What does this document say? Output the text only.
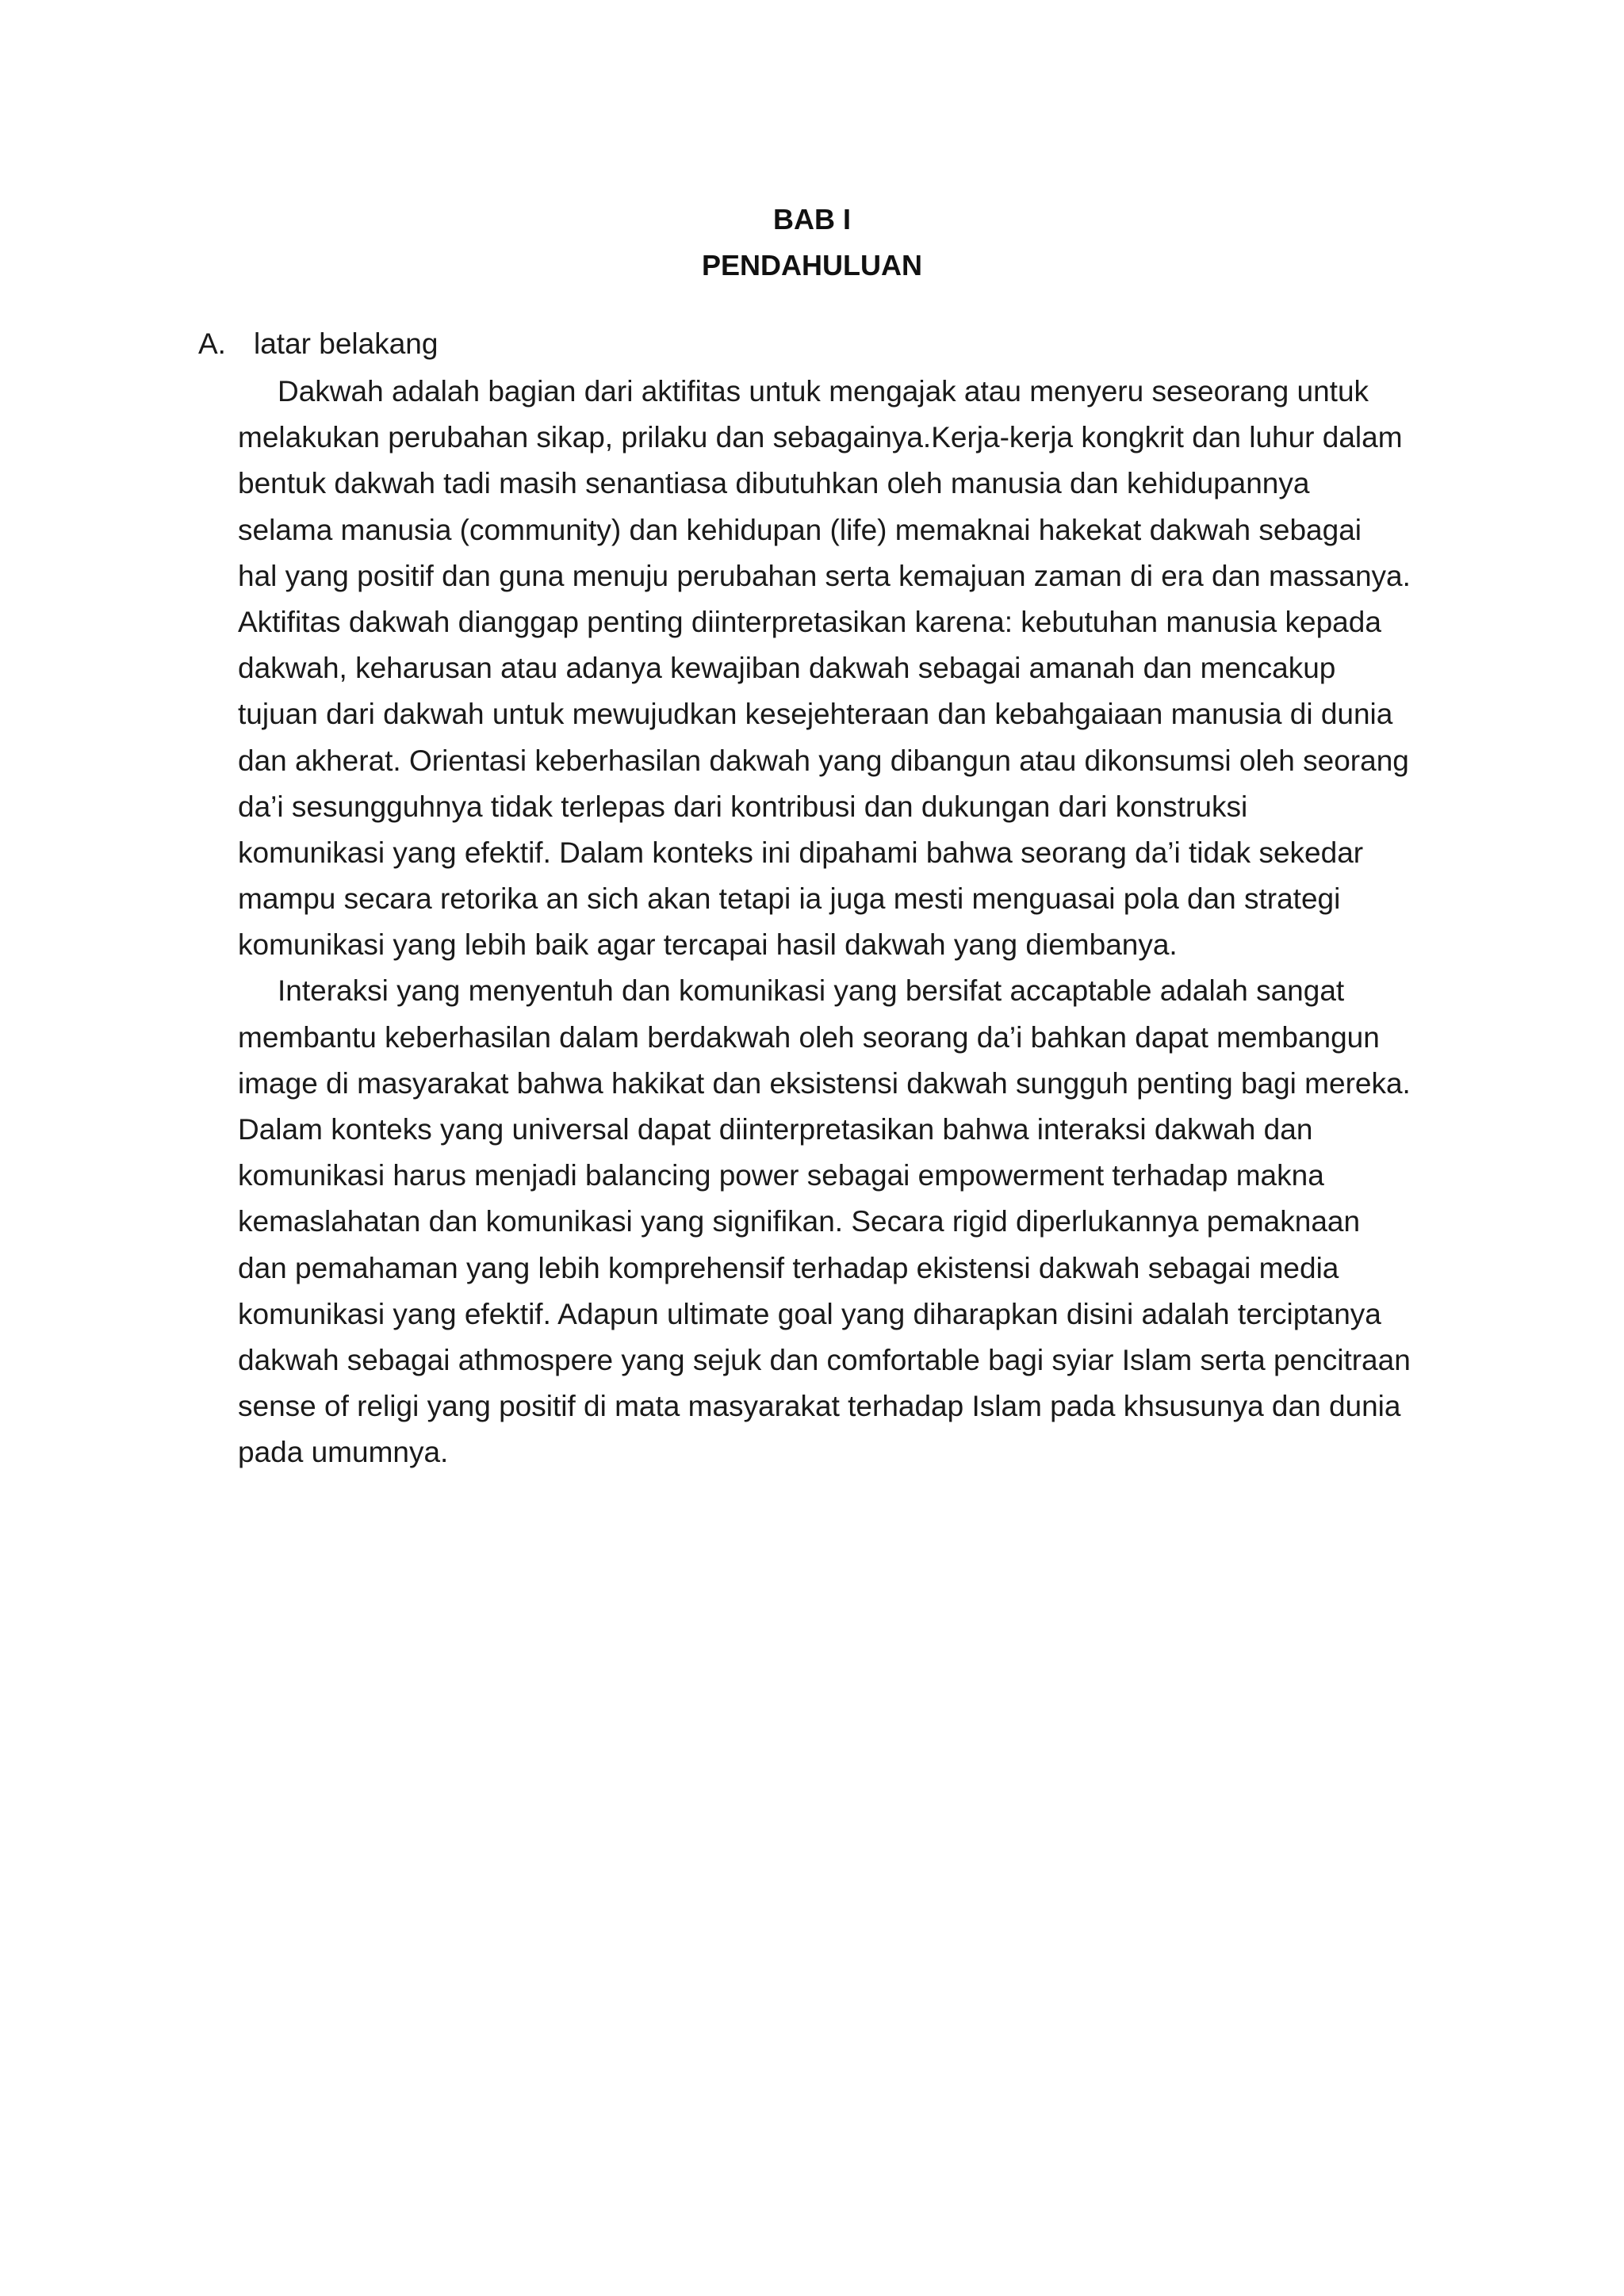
BAB I
PENDAHULUAN
A. latar belakang
Dakwah adalah bagian dari aktifitas untuk mengajak atau menyeru seseorang untuk
melakukan perubahan sikap, prilaku dan sebagainya.Kerja-kerja kongkrit dan luhur dalam
bentuk dakwah tadi masih senantiasa dibutuhkan oleh manusia dan kehidupannya
selama manusia (community) dan kehidupan (life) memaknai hakekat dakwah sebagai
hal yang positif dan guna menuju perubahan serta kemajuan zaman di era dan massanya.
Aktifitas dakwah dianggap penting diinterpretasikan karena: kebutuhan manusia kepada
dakwah, keharusan atau adanya kewajiban dakwah sebagai amanah dan mencakup
tujuan dari dakwah untuk mewujudkan kesejehteraan dan kebahgaiaan manusia di dunia
dan akherat. Orientasi keberhasilan dakwah yang dibangun atau dikonsumsi oleh seorang
da’i sesungguhnya tidak terlepas dari kontribusi dan dukungan dari konstruksi
komunikasi yang efektif. Dalam konteks ini dipahami bahwa seorang da’i tidak sekedar
mampu secara retorika an sich akan tetapi ia juga mesti menguasai pola dan strategi
komunikasi yang lebih baik agar tercapai hasil dakwah yang diembanya.
Interaksi yang menyentuh dan komunikasi yang bersifat accaptable adalah sangat
membantu keberhasilan dalam berdakwah oleh seorang da’i bahkan dapat membangun
image di masyarakat bahwa hakikat dan eksistensi dakwah sungguh penting bagi mereka.
Dalam konteks yang universal dapat diinterpretasikan bahwa interaksi dakwah dan
komunikasi harus menjadi balancing power sebagai empowerment terhadap makna
kemaslahatan dan komunikasi yang signifikan. Secara rigid diperlukannya pemaknaan
dan pemahaman yang lebih komprehensif terhadap ekistensi dakwah sebagai media
komunikasi yang efektif. Adapun ultimate goal yang diharapkan disini adalah terciptanya
dakwah sebagai athmospere yang sejuk dan comfortable bagi syiar Islam serta pencitraan
sense of religi yang positif di mata masyarakat terhadap Islam pada khsusunya dan dunia
pada umumnya.
